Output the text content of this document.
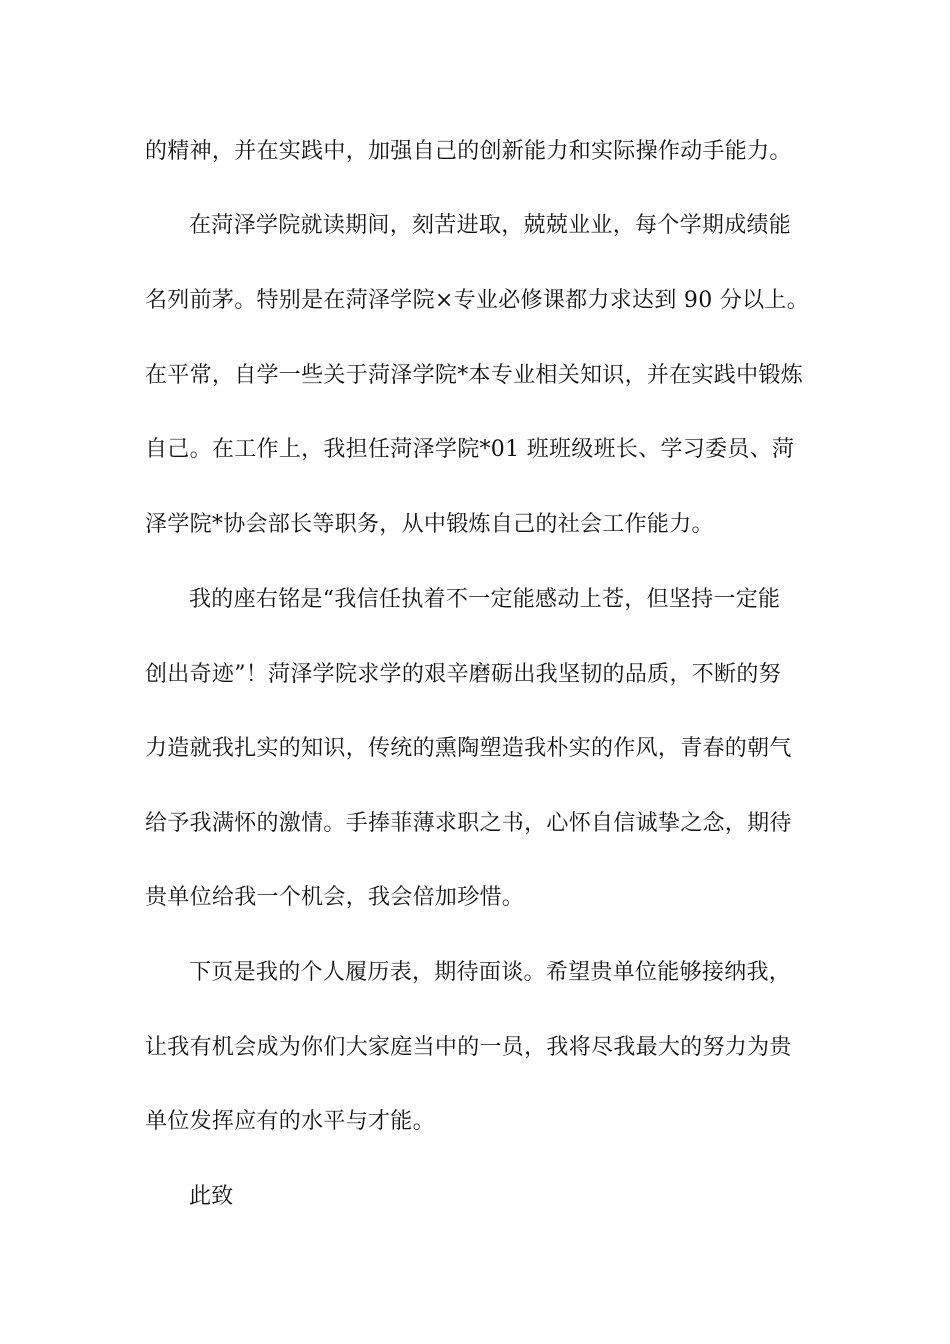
的精神，并在实践中，加强自己的创新能力和实际操作动手能力。
在菏泽学院就读期间，刻苦进取，兢兢业业，每个学期成绩能
名列前茅。特别是在菏泽学院×专业必修课都力求达到 90 分以上。
在平常，自学一些关于菏泽学院*本专业相关知识，并在实践中锻炼
自己。在工作上，我担任菏泽学院*01 班班级班长、学习委员、菏
泽学院*协会部长等职务，从中锻炼自己的社会工作能力。
我的座右铭是“我信任执着不一定能感动上苍，但坚持一定能
创出奇迹”！菏泽学院求学的艰辛磨砺出我坚韧的品质，不断的努
力造就我扎实的知识，传统的熏陶塑造我朴实的作风，青春的朝气
给予我满怀的激情。手捧菲薄求职之书，心怀自信诚挚之念，期待
贵单位给我一个机会，我会倍加珍惜。
下页是我的个人履历表，期待面谈。希望贵单位能够接纳我，
让我有机会成为你们大家庭当中的一员，我将尽我最大的努力为贵
单位发挥应有的水平与才能。
此致
